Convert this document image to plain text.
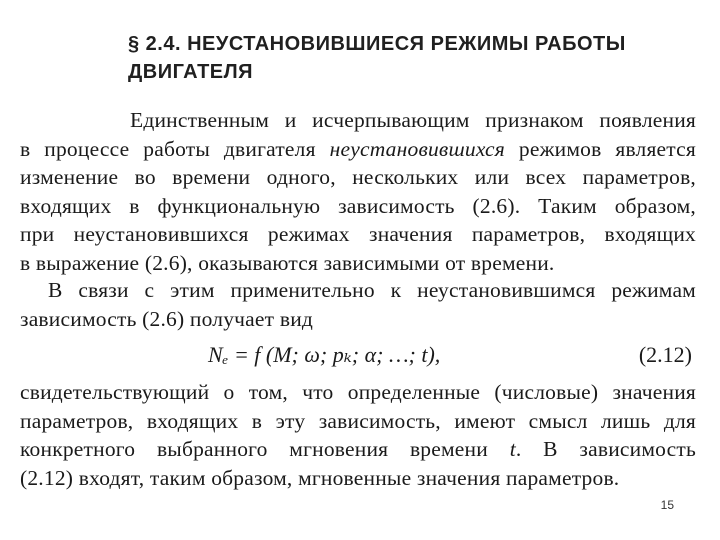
§ 2.4. НЕУСТАНОВИВШИЕСЯ РЕЖИМЫ РАБОТЫ
ДВИГАТЕЛЯ
Единственным и исчерпывающим признаком появления
в процессе работы двигателя неустановившихся режимов является
изменение во времени одного, нескольких или всех параметров,
входящих в функциональную зависимость (2.6). Таким образом,
при неустановившихся режимах значения параметров, входящих
в выражение (2.6), оказываются зависимыми от времени.
В связи с этим применительно к неустановившимся режимам
зависимость (2.6) получает вид
Nₑ = f (M; ω; pₖ; α; …; t),	(2.12)
свидетельствующий о том, что определенные (числовые) значения
параметров, входящих в эту зависимость, имеют смысл лишь для
конкретного выбранного мгновения времени t. В зависимость
(2.12) входят, таким образом, мгновенные значения параметров.
15
